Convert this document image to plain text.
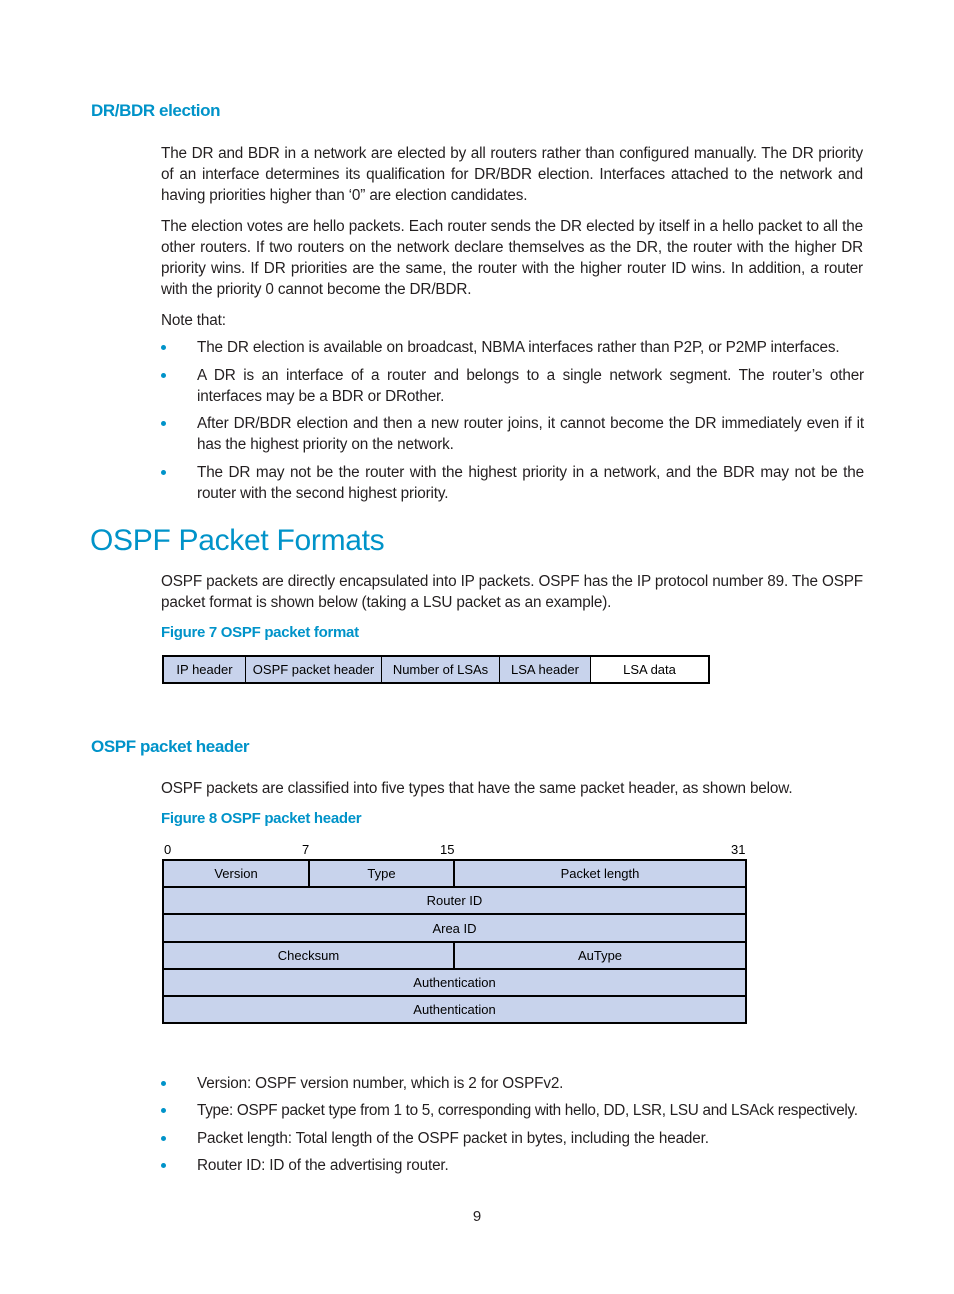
DR/BDR election
The DR and BDR in a network are elected by all routers rather than configured manually. The DR priority of an interface determines its qualification for DR/BDR election. Interfaces attached to the network and having priorities higher than ‘0” are election candidates.
The election votes are hello packets. Each router sends the DR elected by itself in a hello packet to all the other routers. If two routers on the network declare themselves as the DR, the router with the higher DR priority wins. If DR priorities are the same, the router with the higher router ID wins. In addition, a router with the priority 0 cannot become the DR/BDR.
Note that:
The DR election is available on broadcast, NBMA interfaces rather than P2P, or P2MP interfaces.
A DR is an interface of a router and belongs to a single network segment. The router’s other interfaces may be a BDR or DRother.
After DR/BDR election and then a new router joins, it cannot become the DR immediately even if it has the highest priority on the network.
The DR may not be the router with the highest priority in a network, and the BDR may not be the router with the second highest priority.
OSPF Packet Formats
OSPF packets are directly encapsulated into IP packets. OSPF has the IP protocol number 89. The OSPF packet format is shown below (taking a LSU packet as an example).
Figure 7 OSPF packet format
IP header	OSPF packet header	Number of LSAs	LSA header	LSA data
OSPF packet header
OSPF packets are classified into five types that have the same packet header, as shown below.
Figure 8 OSPF packet header
0	7	15	31
Version	Type	Packet length
Router ID
Area ID
Checksum	AuType
Authentication
Authentication
Version: OSPF version number, which is 2 for OSPFv2.
Type: OSPF packet type from 1 to 5, corresponding with hello, DD, LSR, LSU and LSAck respectively.
Packet length: Total length of the OSPF packet in bytes, including the header.
Router ID: ID of the advertising router.
9
